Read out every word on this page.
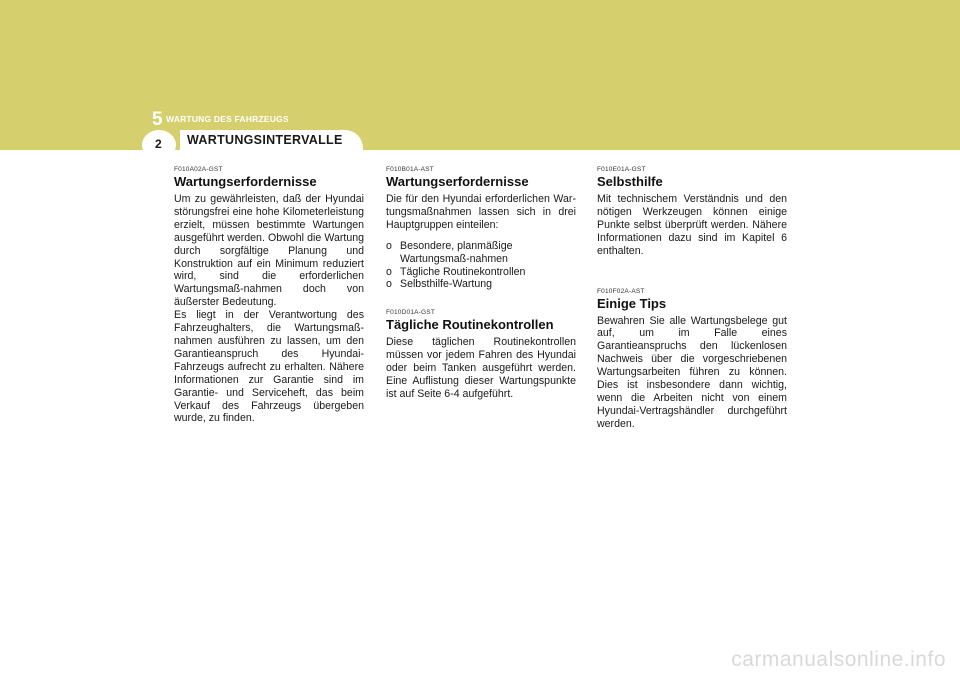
5 WARTUNG DES FAHRZEUGS
2 WARTUNGSINTERVALLE
F010A02A-GST
Wartungserfordernisse

Um zu gewährleisten, daß der Hyundai störungsfrei eine hohe Kilometerleistung erzielt, müssen bestimmte Wartungen ausgeführt werden. Obwohl die Wartung durch sorgfältige Planung und Konstruktion auf ein Minimum reduziert wird, sind die erforderlichen Wartungsmaß-nahmen doch von äußerster Bedeutung.

Es liegt in der Verantwortung des Fahrzeughalters, die Wartungsmaß-nahmen ausführen zu lassen, um den Garantieanspruch des Hyundai-Fahrzeugs aufrecht zu erhalten. Nähere Informationen zur Garantie sind im Garantie- und Serviceheft, das beim Verkauf des Fahrzeugs übergeben wurde, zu finden.

F010B01A-AST
Wartungserfordernisse

Die für den Hyundai erforderlichen War-tungsmaßnahmen lassen sich in drei Hauptgruppen einteilen:

o Besondere, planmäßige Wartungsmaß-nahmen
o Tägliche Routinekontrollen
o Selbsthilfe-Wartung
F010D01A-GST
Tägliche Routinekontrollen

Diese täglichen Routinekontrollen müssen vor jedem Fahren des Hyundai oder beim Tanken ausgeführt werden. Eine Auflistung dieser Wartungspunkte ist auf Seite 6-4 aufgeführt.

F010E01A-GST
Selbsthilfe

Mit technischem Verständnis und den nötigen Werkzeugen können einige Punkte selbst überprüft werden. Nähere Informationen dazu sind im Kapitel 6 enthalten.

F010F02A-AST
Einige Tips

Bewahren Sie alle Wartungsbelege gut auf, um im Falle eines Garantieanspruchs den lückenlosen Nachweis über die vorgeschriebenen Wartungsarbeiten führen zu können. Dies ist insbesondere dann wichtig, wenn die Arbeiten nicht von einem Hyundai-Vertragshändler durchgeführt werden.

carmanualsonline.info
